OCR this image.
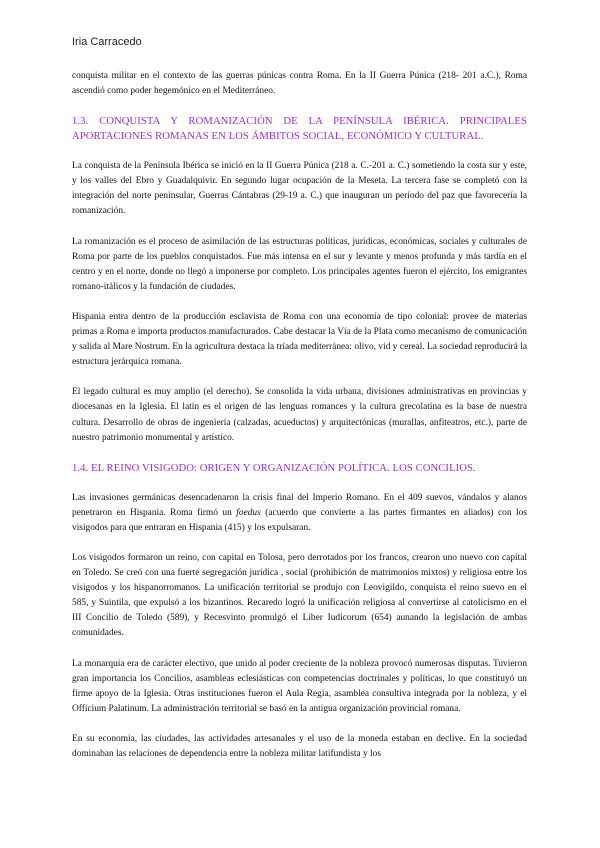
Iria Carracedo

conquista militar en el contexto de las guerras púnicas contra Roma. En la II Guerra Púnica (218- 201 a.C.), Roma ascendió como poder hegemónico en el Mediterráneo.

1.3. CONQUISTA Y ROMANIZACIÓN DE LA PENÍNSULA IBÉRICA. PRINCIPALES APORTACIONES ROMANAS EN LOS ÁMBITOS SOCIAL, ECONÓMICO Y CULTURAL.

La conquista de la Península Ibérica se inició en la II Guerra Púnica (218 a. C.-201 a. C.) sometiendo la costa sur y este, y los valles del Ebro y Guadalquivir. En segundo lugar ocupación de la Meseta. La tercera fase se completó con la integración del norte peninsular, Guerras Cántabras (29-19 a. C.) que inauguran un período del paz que favorecería la romanización.

La romanización es el proceso de asimilación de las estructuras políticas, jurídicas, económicas, sociales y culturales de Roma por parte de los pueblos conquistados. Fue más intensa en el sur y levante y menos profunda y más tardía en el centro y en el norte, donde no llegó a imponerse por completo. Los principales agentes fueron el ejército, los emigrantes romano-itálicos y la fundación de ciudades.

Hispania entra dentro de la producción esclavista de Roma con una economía de tipo colonial: provee de materias primas a Roma e importa productos manufacturados. Cabe destacar la Vía de la Plata como mecanismo de comunicación y salida al Mare Nostrum. En la agricultura destaca la tríada mediterránea: olivo, vid y cereal. La sociedad reproducirá la estructura jerárquica romana.

El legado cultural es muy amplio (el derecho). Se consolida la vida urbana, divisiones administrativas en provincias y diocesanas en la Iglesia. El latín es el origen de las lenguas romances y la cultura grecolatina es la base de nuestra cultura. Desarrollo de obras de ingeniería (calzadas, acueductos) y arquitectónicas (murallas, anfiteatros, etc.), parte de nuestro patrimonio monumental y artístico.

1.4. EL REINO VISIGODO: ORIGEN Y ORGANIZACIÓN POLÍTICA. LOS CONCILIOS.

Las invasiones germánicas desencadenaron la crisis final del Imperio Romano. En el 409 suevos, vándalos y alanos penetraron en Hispania. Roma firmó un foedus (acuerdo que convierte a las partes firmantes en aliados) con los visigodos para que entraran en Hispania (415) y los expulsaran.

Los visigodos formaron un reino, con capital en Tolosa, pero derrotados por los francos, crearon uno nuevo con capital en Toledo. Se creó con una fuerte segregación jurídica , social (prohibición de matrimonios mixtos) y religiosa entre los visigodos y los hispanorromanos. La unificación territorial se produjo con Leovigildo, conquista el reino suevo en el 585, y Suintila, que expulsó a los bizantinos. Recaredo logró la unificación religiosa al convertirse al catolicismo en el III Concilio de Toledo (589), y Recesvinto promulgó el Liber Iudicorum (654) aunando la legislación de ambas comunidades.

La monarquía era de carácter electivo, que unido al poder creciente de la nobleza provocó numerosas disputas. Tuvieron gran importancia los Concilios, asambleas eclesiásticas con competencias doctrinales y políticas, lo que constituyó un firme apoyo de la Iglesia. Otras instituciones fueron el Aula Regia, asamblea consultiva integrada por la nobleza, y el Officium Palatinum. La administración territorial se basó en la antigua organización provincial romana.

En su economía, las ciudades, las actividades artesanales y el uso de la moneda estaban en declive. En la sociedad dominaban las relaciones de dependencia entre la nobleza militar latifundista y los
